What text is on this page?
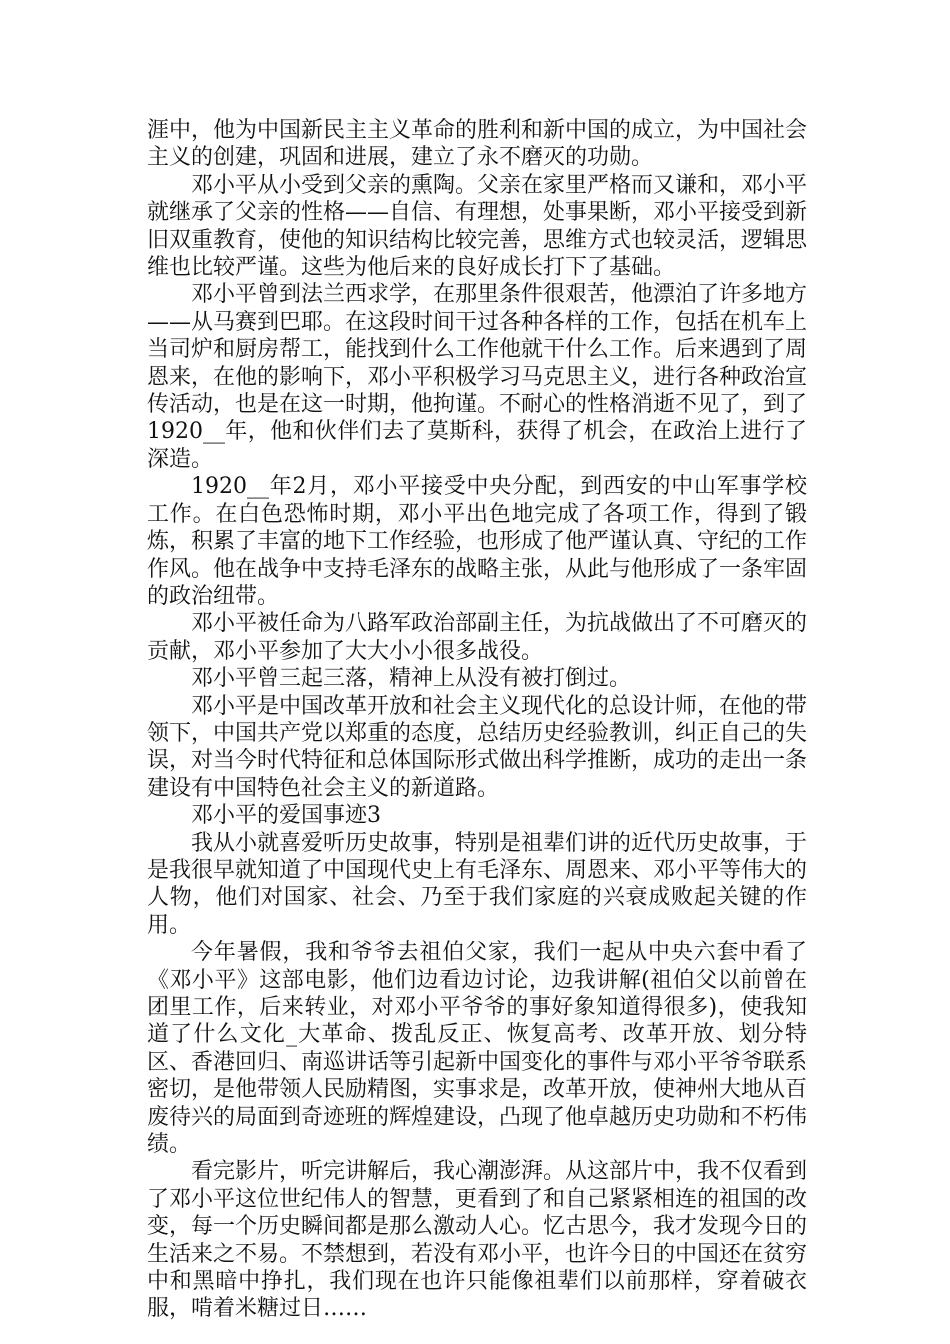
涯中，他为中国新民主主义革命的胜利和新中国的成立，为中国社会主义的创建，巩固和进展，建立了永不磨灭的功勋。

邓小平从小受到父亲的熏陶。父亲在家里严格而又谦和，邓小平就继承了父亲的性格——自信、有理想，处事果断，邓小平接受到新旧双重教育，使他的知识结构比较完善，思维方式也较灵活，逻辑思维也比较严谨。这些为他后来的良好成长打下了基础。

邓小平曾到法兰西求学，在那里条件很艰苦，他漂泊了许多地方——从马赛到巴耶。在这段时间干过各种各样的工作，包括在机车上当司炉和厨房帮工，能找到什么工作他就干什么工作。后来遇到了周恩来，在他的影响下，邓小平积极学习马克思主义，进行各种政治宣传活动，也是在这一时期，他拘谨。不耐心的性格消逝不见了，到了1920__年，他和伙伴们去了莫斯科，获得了机会，在政治上进行了深造。

1920__年2月，邓小平接受中央分配，到西安的中山军事学校工作。在白色恐怖时期，邓小平出色地完成了各项工作，得到了锻炼，积累了丰富的地下工作经验，也形成了他严谨认真、守纪的工作作风。他在战争中支持毛泽东的战略主张，从此与他形成了一条牢固的政治纽带。

邓小平被任命为八路军政治部副主任，为抗战做出了不可磨灭的贡献，邓小平参加了大大小小很多战役。

邓小平曾三起三落，精神上从没有被打倒过。

邓小平是中国改革开放和社会主义现代化的总设计师，在他的带领下，中国共产党以郑重的态度，总结历史经验教训，纠正自己的失误，对当今时代特征和总体国际形式做出科学推断，成功的走出一条建设有中国特色社会主义的新道路。

邓小平的爱国事迹3

我从小就喜爱听历史故事，特别是祖辈们讲的近代历史故事，于是我很早就知道了中国现代史上有毛泽东、周恩来、邓小平等伟大的人物，他们对国家、社会、乃至于我们家庭的兴衰成败起关键的作用。

今年暑假，我和爷爷去祖伯父家，我们一起从中央六套中看了《邓小平》这部电影，他们边看边讨论，边我讲解(祖伯父以前曾在团里工作，后来转业，对邓小平爷爷的事好象知道得很多)，使我知道了什么文化_大革命、拨乱反正、恢复高考、改革开放、划分特区、香港回归、南巡讲话等引起新中国变化的事件与邓小平爷爷联系密切，是他带领人民励精图，实事求是，改革开放，使神州大地从百废待兴的局面到奇迹班的辉煌建设，凸现了他卓越历史功勋和不朽伟绩。

看完影片，听完讲解后，我心潮澎湃。从这部片中，我不仅看到了邓小平这位世纪伟人的智慧，更看到了和自己紧紧相连的祖国的改变，每一个历史瞬间都是那么激动人心。忆古思今，我才发现今日的生活来之不易。不禁想到，若没有邓小平，也许今日的中国还在贫穷中和黑暗中挣扎，我们现在也许只能像祖辈们以前那样，穿着破衣服，啃着米糖过日……
